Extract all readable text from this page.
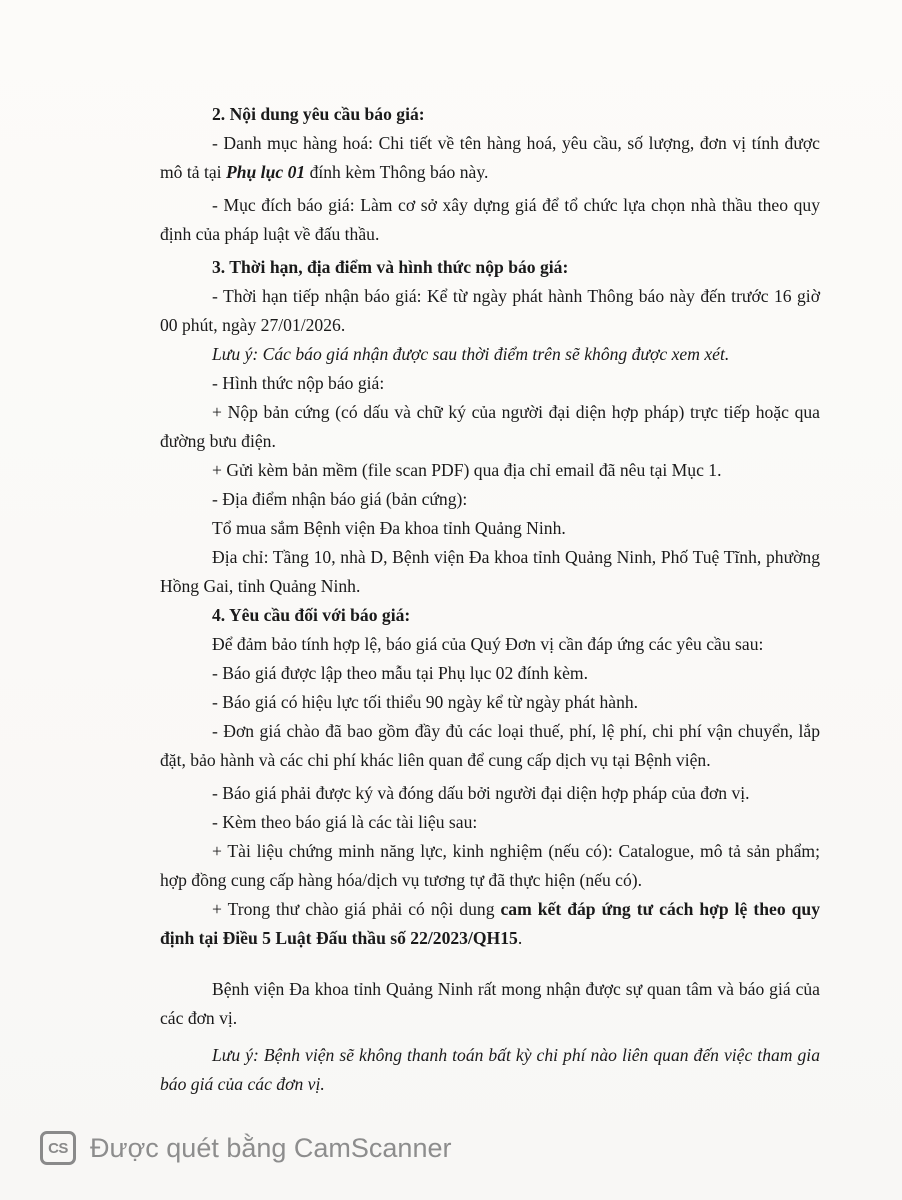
2. Nội dung yêu cầu báo giá:

- Danh mục hàng hoá: Chi tiết về tên hàng hoá, yêu cầu, số lượng, đơn vị tính được mô tả tại Phụ lục 01 đính kèm Thông báo này.

- Mục đích báo giá: Làm cơ sở xây dựng giá để tổ chức lựa chọn nhà thầu theo quy định của pháp luật về đấu thầu.

3. Thời hạn, địa điểm và hình thức nộp báo giá:

- Thời hạn tiếp nhận báo giá: Kể từ ngày phát hành Thông báo này đến trước 16 giờ 00 phút, ngày 27/01/2026.

Lưu ý: Các báo giá nhận được sau thời điểm trên sẽ không được xem xét.

- Hình thức nộp báo giá:

+ Nộp bản cứng (có dấu và chữ ký của người đại diện hợp pháp) trực tiếp hoặc qua đường bưu điện.

+ Gửi kèm bản mềm (file scan PDF) qua địa chỉ email đã nêu tại Mục 1.

- Địa điểm nhận báo giá (bản cứng):

Tổ mua sắm Bệnh viện Đa khoa tỉnh Quảng Ninh.

Địa chỉ: Tầng 10, nhà D, Bệnh viện Đa khoa tỉnh Quảng Ninh, Phố Tuệ Tĩnh, phường Hồng Gai, tỉnh Quảng Ninh.

4. Yêu cầu đối với báo giá:

Để đảm bảo tính hợp lệ, báo giá của Quý Đơn vị cần đáp ứng các yêu cầu sau:

- Báo giá được lập theo mẫu tại Phụ lục 02 đính kèm.

- Báo giá có hiệu lực tối thiểu 90 ngày kể từ ngày phát hành.

- Đơn giá chào đã bao gồm đầy đủ các loại thuế, phí, lệ phí, chi phí vận chuyển, lắp đặt, bảo hành và các chi phí khác liên quan để cung cấp dịch vụ tại Bệnh viện.

- Báo giá phải được ký và đóng dấu bởi người đại diện hợp pháp của đơn vị.

- Kèm theo báo giá là các tài liệu sau:

+ Tài liệu chứng minh năng lực, kinh nghiệm (nếu có): Catalogue, mô tả sản phẩm; hợp đồng cung cấp hàng hóa/dịch vụ tương tự đã thực hiện (nếu có).

+ Trong thư chào giá phải có nội dung cam kết đáp ứng tư cách hợp lệ theo quy định tại Điều 5 Luật Đấu thầu số 22/2023/QH15.

Bệnh viện Đa khoa tỉnh Quảng Ninh rất mong nhận được sự quan tâm và báo giá của các đơn vị.

Lưu ý: Bệnh viện sẽ không thanh toán bất kỳ chi phí nào liên quan đến việc tham gia báo giá của các đơn vị.

CS Được quét bằng CamScanner
